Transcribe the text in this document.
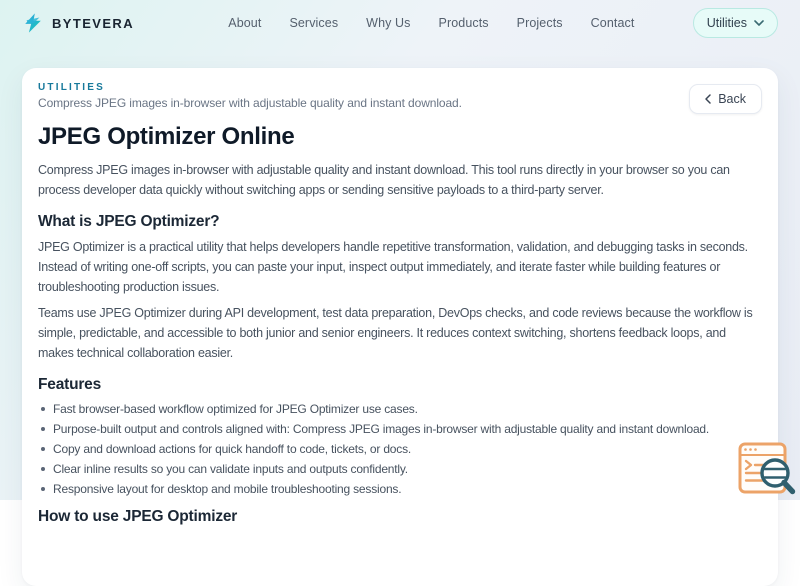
BYTEVERA	About Services Why Us Products Projects Contact	Utilities
UTILITIES
Compress JPEG images in-browser with adjustable quality and instant download.	Back
JPEG Optimizer Online

Compress JPEG images in-browser with adjustable quality and instant download. This tool runs directly in your browser so you can process developer data quickly without switching apps or sending sensitive payloads to a third-party server.

What is JPEG Optimizer?

JPEG Optimizer is a practical utility that helps developers handle repetitive transformation, validation, and debugging tasks in seconds. Instead of writing one-off scripts, you can paste your input, inspect output immediately, and iterate faster while building features or troubleshooting production issues.

Teams use JPEG Optimizer during API development, test data preparation, DevOps checks, and code reviews because the workflow is simple, predictable, and accessible to both junior and senior engineers. It reduces context switching, shortens feedback loops, and makes technical collaboration easier.

Features
Fast browser-based workflow optimized for JPEG Optimizer use cases.
Purpose-built output and controls aligned with: Compress JPEG images in-browser with adjustable quality and instant download.
Copy and download actions for quick handoff to code, tickets, or docs.
Clear inline results so you can validate inputs and outputs confidently.
Responsive layout for desktop and mobile troubleshooting sessions.
How to use JPEG Optimizer
